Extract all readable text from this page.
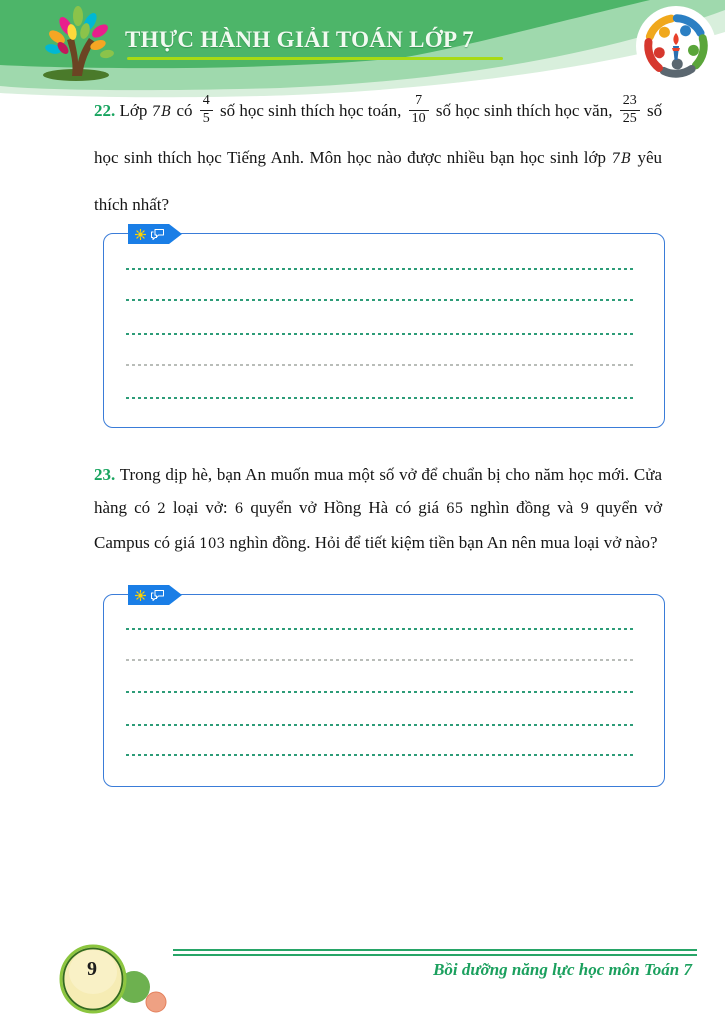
THỰC HÀNH GIẢI TOÁN LỚP 7

22. Lớp 7B có $\frac{4}{5}$ số học sinh thích học toán, $\frac{7}{10}$ số học sinh thích học văn, $\frac{23}{25}$ số học sinh thích học Tiếng Anh. Môn học nào được nhiều bạn học sinh lớp 7B yêu thích nhất?

23. Trong dịp hè, bạn An muốn mua một số vở để chuẩn bị cho năm học mới. Cửa hàng có 2 loại vở: 6 quyển vở Hồng Hà có giá 65 nghìn đồng và 9 quyển vở Campus có giá 103 nghìn đồng. Hỏi để tiết kiệm tiền bạn An nên mua loại vở nào?

Bồi dưỡng năng lực học môn Toán 7
9
